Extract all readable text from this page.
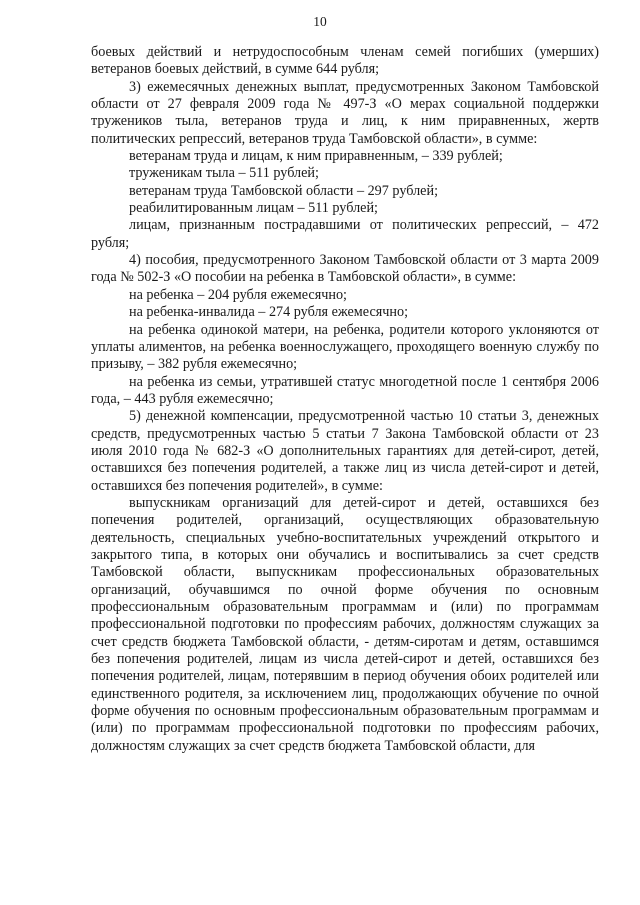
10

боевых действий и нетрудоспособным членам семей погибших (умерших) ветеранов боевых действий, в сумме 644 рубля;

3) ежемесячных денежных выплат, предусмотренных Законом Тамбовской области от 27 февраля 2009 года № 497-З «О мерах социальной поддержки тружеников тыла, ветеранов труда и лиц, к ним приравненных, жертв политических репрессий, ветеранов труда Тамбовской области», в сумме:

ветеранам труда и лицам, к ним приравненным, – 339 рублей;

труженикам тыла – 511 рублей;

ветеранам труда Тамбовской области – 297 рублей;

реабилитированным лицам – 511 рублей;

лицам, признанным пострадавшими от политических репрессий, – 472 рубля;

4) пособия, предусмотренного Законом Тамбовской области от 3 марта 2009 года № 502-З «О пособии на ребенка в Тамбовской области», в сумме:

на ребенка – 204 рубля ежемесячно;

на ребенка-инвалида – 274 рубля ежемесячно;

на ребенка одинокой матери, на ребенка, родители которого уклоняются от уплаты алиментов, на ребенка военнослужащего, проходящего военную службу по призыву, – 382 рубля ежемесячно;

на ребенка из семьи, утратившей статус многодетной после 1 сентября 2006 года, – 443 рубля ежемесячно;

5) денежной компенсации, предусмотренной частью 10 статьи 3, денежных средств, предусмотренных частью 5 статьи 7 Закона Тамбовской области от 23 июля 2010 года № 682-З «О дополнительных гарантиях для детей-сирот, детей, оставшихся без попечения родителей, а также лиц из числа детей-сирот и детей, оставшихся без попечения родителей», в сумме:

выпускникам организаций для детей-сирот и детей, оставшихся без попечения родителей, организаций, осуществляющих образовательную деятельность, специальных учебно-воспитательных учреждений открытого и закрытого типа, в которых они обучались и воспитывались за счет средств Тамбовской области, выпускникам профессиональных образовательных организаций, обучавшимся по очной форме обучения по основным профессиональным образовательным программам и (или) по программам профессиональной подготовки по профессиям рабочих, должностям служащих за счет средств бюджета Тамбовской области, - детям-сиротам и детям, оставшимся без попечения родителей, лицам из числа детей-сирот и детей, оставшихся без попечения родителей, лицам, потерявшим в период обучения обоих родителей или единственного родителя, за исключением лиц, продолжающих обучение по очной форме обучения по основным профессиональным образовательным программам и (или) по программам профессиональной подготовки по профессиям рабочих, должностям служащих за счет средств бюджета Тамбовской области, для
